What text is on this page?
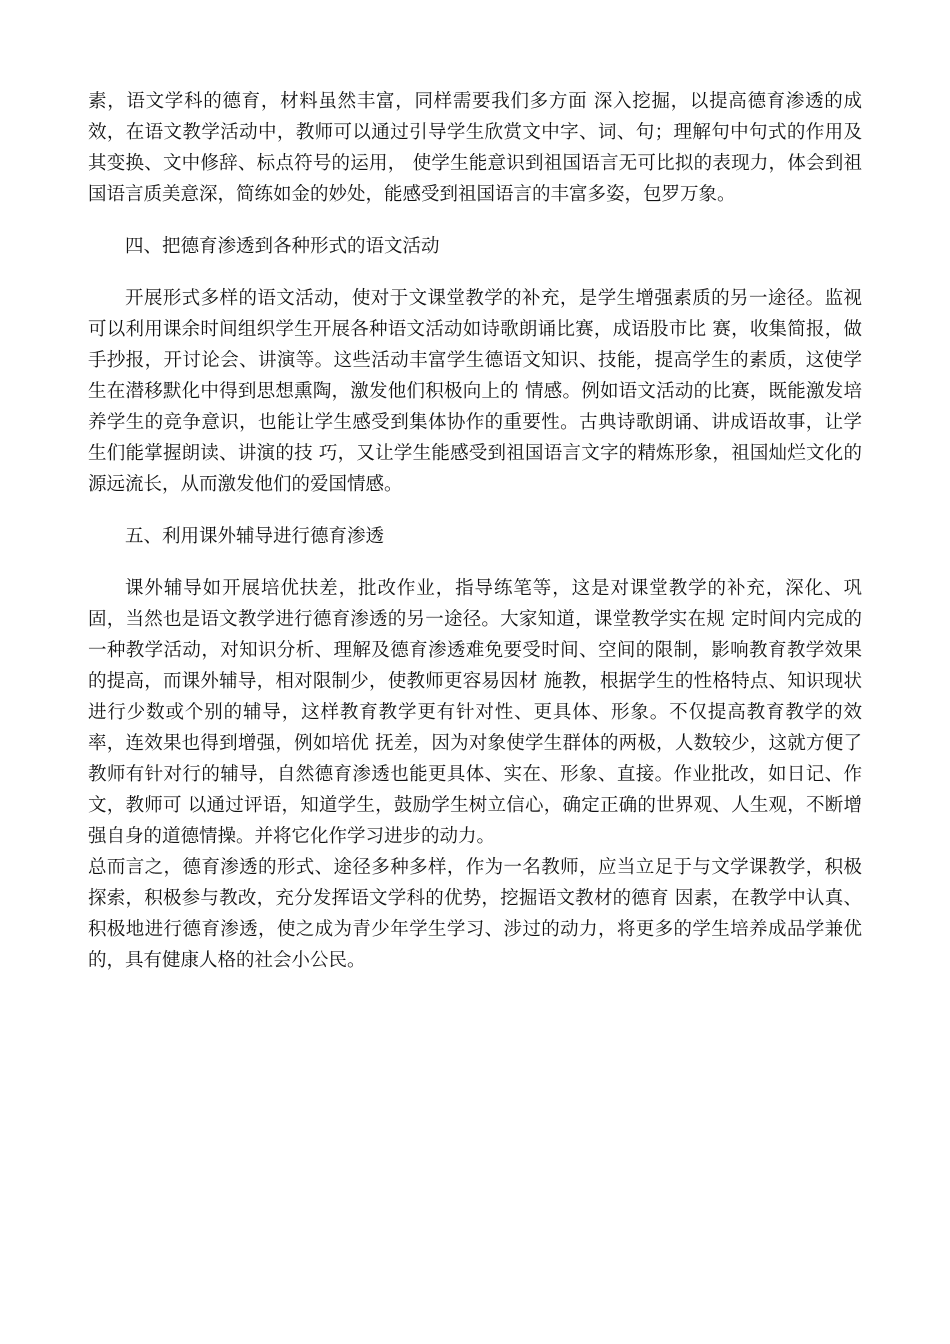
素，语文学科的德育，材料虽然丰富，同样需要我们多方面 深入挖掘，以提高德育渗透的成效，在语文教学活动中，教师可以通过引导学生欣赏文中字、词、句；理解句中句式的作用及其变换、文中修辞、标点符号的运用， 使学生能意识到祖国语言无可比拟的表现力，体会到祖国语言质美意深，简练如金的妙处，能感受到祖国语言的丰富多姿，包罗万象。

四、把德育渗透到各种形式的语文活动

开展形式多样的语文活动，使对于文课堂教学的补充，是学生增强素质的另一途径。监视可以利用课余时间组织学生开展各种语文活动如诗歌朗诵比赛，成语股市比 赛，收集简报，做手抄报，开讨论会、讲演等。这些活动丰富学生德语文知识、技能，提高学生的素质，这使学生在潜移默化中得到思想熏陶，激发他们积极向上的 情感。例如语文活动的比赛，既能激发培养学生的竞争意识，也能让学生感受到集体协作的重要性。古典诗歌朗诵、讲成语故事，让学生们能掌握朗读、讲演的技 巧，又让学生能感受到祖国语言文字的精炼形象，祖国灿烂文化的源远流长，从而激发他们的爱国情感。

五、利用课外辅导进行德育渗透

课外辅导如开展培优扶差，批改作业，指导练笔等，这是对课堂教学的补充，深化、巩固，当然也是语文教学进行德育渗透的另一途径。大家知道，课堂教学实在规 定时间内完成的一种教学活动，对知识分析、理解及德育渗透难免要受时间、空间的限制，影响教育教学效果的提高，而课外辅导，相对限制少，使教师更容易因材 施教，根据学生的性格特点、知识现状进行少数或个别的辅导，这样教育教学更有针对性、更具体、形象。不仅提高教育教学的效率，连效果也得到增强，例如培优 抚差，因为对象使学生群体的两极，人数较少，这就方便了教师有针对行的辅导，自然德育渗透也能更具体、实在、形象、直接。作业批改，如日记、作文，教师可 以通过评语，知道学生，鼓励学生树立信心，确定正确的世界观、人生观，不断增强自身的道德情操。并将它化作学习进步的动力。

总而言之，德育渗透的形式、途径多种多样，作为一名教师，应当立足于与文学课教学，积极探索，积极参与教改，充分发挥语文学科的优势，挖掘语文教材的德育 因素，在教学中认真、积极地进行德育渗透，使之成为青少年学生学习、涉过的动力，将更多的学生培养成品学兼优的，具有健康人格的社会小公民。
